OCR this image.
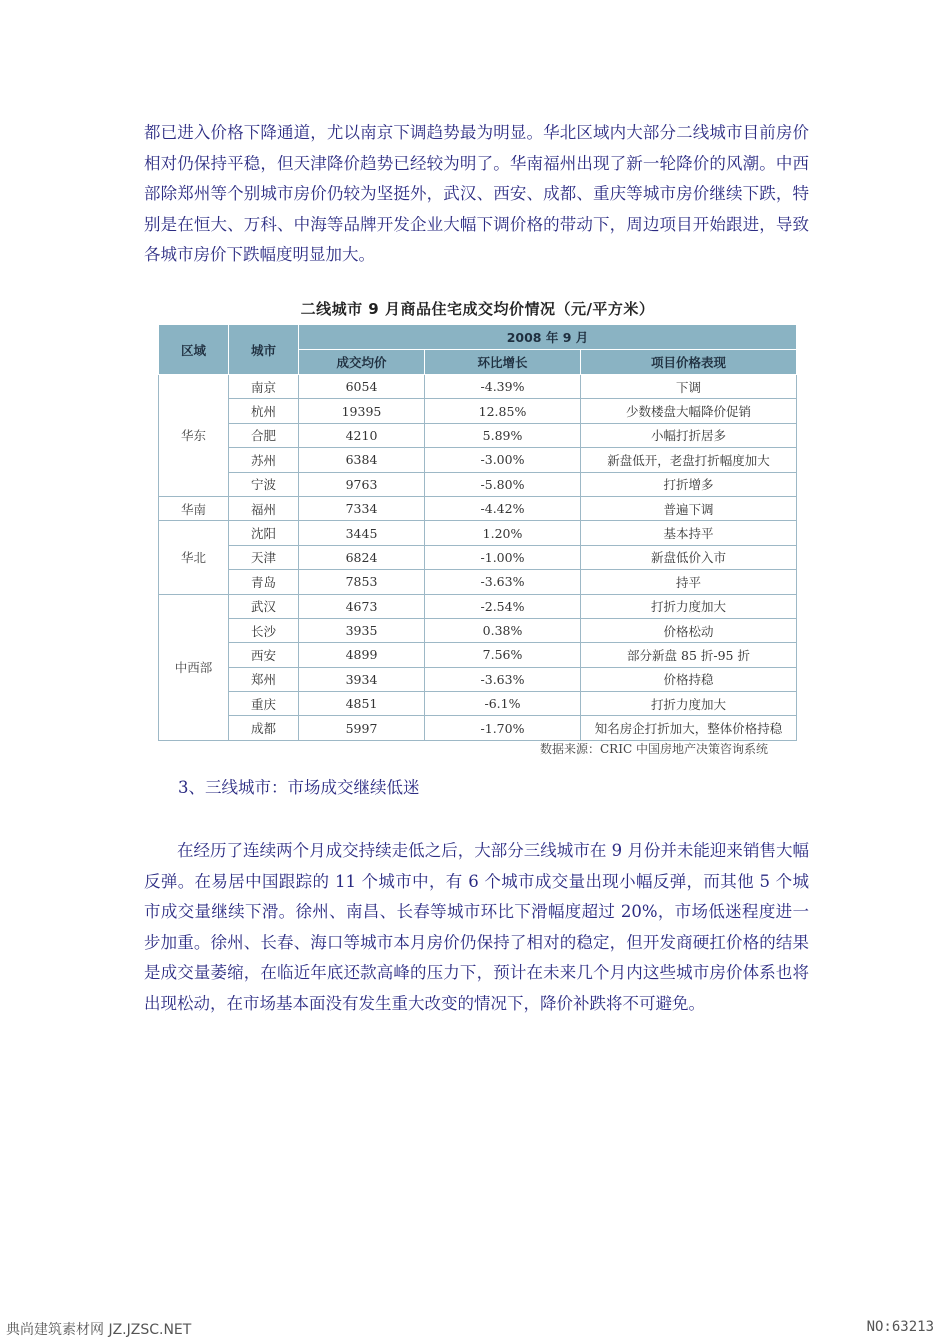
都已进入价格下降通道，尤以南京下调趋势最为明显。华北区域内大部分二线城市目前房价相对仍保持平稳，但天津降价趋势已经较为明了。华南福州出现了新一轮降价的风潮。中西部除郑州等个别城市房价仍较为坚挺外，武汉、西安、成都、重庆等城市房价继续下跌，特别是在恒大、万科、中海等品牌开发企业大幅下调价格的带动下，周边项目开始跟进，导致各城市房价下跌幅度明显加大。

二线城市 9 月商品住宅成交均价情况（元/平方米）
区域	城市	2008 年 9 月		
		成交均价	环比增长	项目价格表现
华东	南京	6054	-4.39%	下调
	杭州	19395	12.85%	少数楼盘大幅降价促销
	合肥	4210	5.89%	小幅打折居多
	苏州	6384	-3.00%	新盘低开，老盘打折幅度加大
	宁波	9763	-5.80%	打折增多
华南	福州	7334	-4.42%	普遍下调
华北	沈阳	3445	1.20%	基本持平
	天津	6824	-1.00%	新盘低价入市
	青岛	7853	-3.63%	持平
中西部	武汉	4673	-2.54%	打折力度加大
	长沙	3935	0.38%	价格松动
	西安	4899	7.56%	部分新盘 85 折-95 折
	郑州	3934	-3.63%	价格持稳
	重庆	4851	-6.1%	打折力度加大
	成都	5997	-1.70%	知名房企打折加大，整体价格持稳
数据来源：CRIC 中国房地产决策咨询系统

3、三线城市：市场成交继续低迷

在经历了连续两个月成交持续走低之后，大部分三线城市在 9 月份并未能迎来销售大幅反弹。在易居中国跟踪的 11 个城市中，有 6 个城市成交量出现小幅反弹，而其他 5 个城市成交量继续下滑。徐州、南昌、长春等城市环比下滑幅度超过 20%，市场低迷程度进一步加重。徐州、长春、海口等城市本月房价仍保持了相对的稳定，但开发商硬扛价格的结果是成交量萎缩，在临近年底还款高峰的压力下，预计在未来几个月内这些城市房价体系也将出现松动，在市场基本面没有发生重大改变的情况下，降价补跌将不可避免。

典尚建筑素材网 JZ.JZSC.NET	NO:63213
